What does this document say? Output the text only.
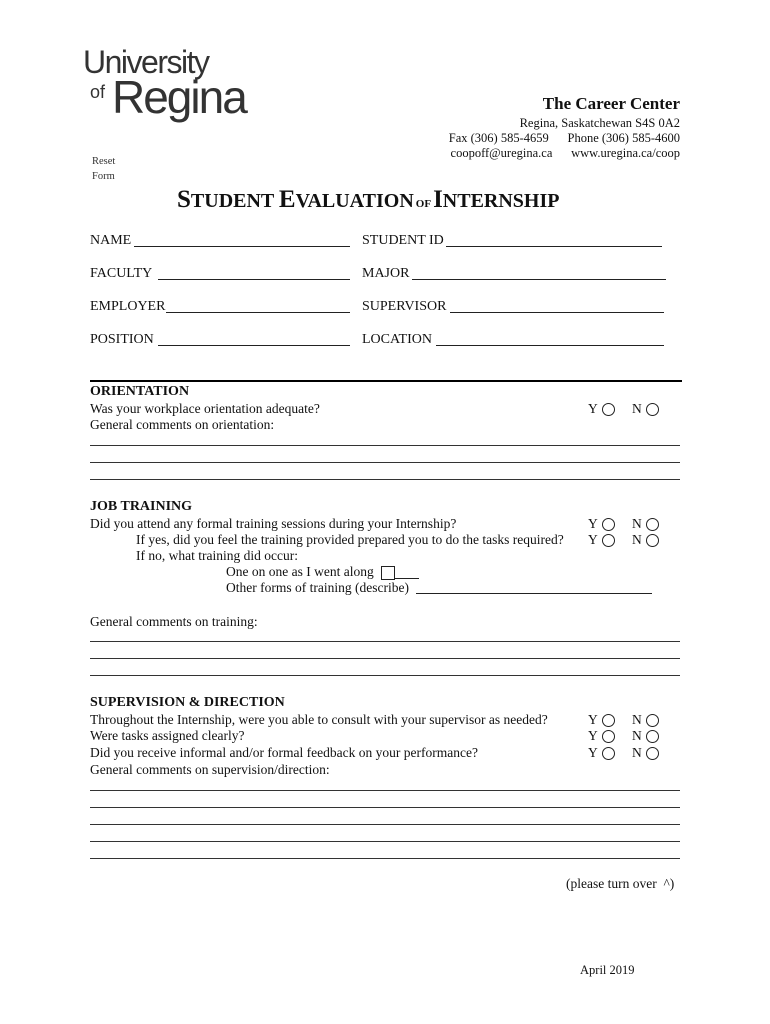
University
of Regina	The Career Center
Regina, Saskatchewan S4S 0A2
Fax (306) 585-4659      Phone (306) 585-4600
coopoff@uregina.ca      www.uregina.ca/coop
Reset
Form
STUDENT EVALUATION OFINTERNSHIP
NAME	STUDENT ID
FACULTY	MAJOR
EMPLOYER	SUPERVISOR
POSITION	LOCATION
ORIENTATION
Was your workplace orientation adequate?	Y	N
General comments on orientation:
JOB TRAINING
Did you attend any formal training sessions during your Internship?	Y	N
If yes, did you feel the training provided prepared you to do the tasks required? Y	N
If no, what training did occur:
One on one as I went along
Other forms of training (describe)
General comments on training:
SUPERVISION & DIRECTION
Throughout the Internship, were you able to consult with your supervisor as needed?	Y	N
Were tasks assigned clearly?	Y	N
Did you receive informal and/or formal feedback on your performance?	Y	N
General comments on supervision/direction:
(please turn over ^)
April 2019
